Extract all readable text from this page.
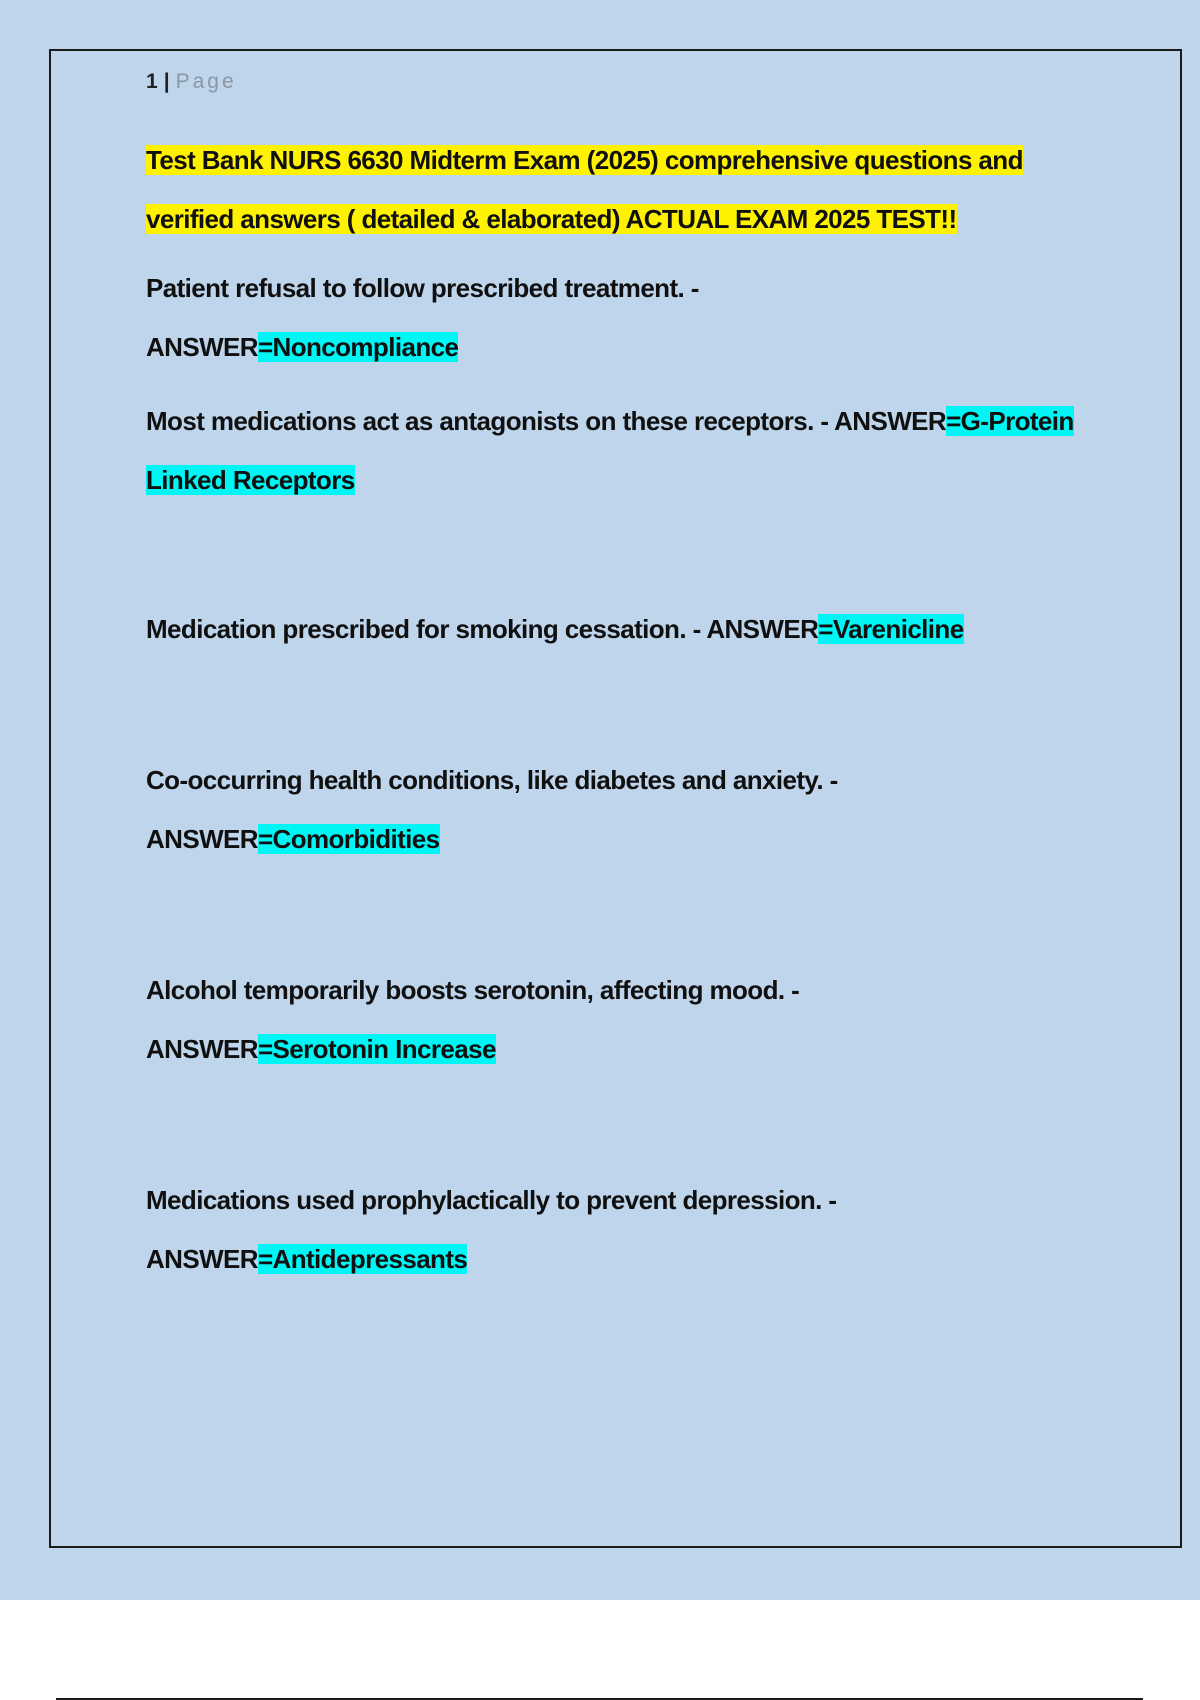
1 | Page
Test Bank NURS 6630 Midterm Exam (2025) comprehensive questions and verified answers ( detailed & elaborated) ACTUAL EXAM 2025 TEST!!
Patient refusal to follow prescribed treatment. -
ANSWER=Noncompliance
Most medications act as antagonists on these receptors. - ANSWER=G-Protein Linked Receptors
Medication prescribed for smoking cessation. - ANSWER=Varenicline
Co-occurring health conditions, like diabetes and anxiety. -
ANSWER=Comorbidities
Alcohol temporarily boosts serotonin, affecting mood. -
ANSWER=Serotonin Increase
Medications used prophylactically to prevent depression. -
ANSWER=Antidepressants
